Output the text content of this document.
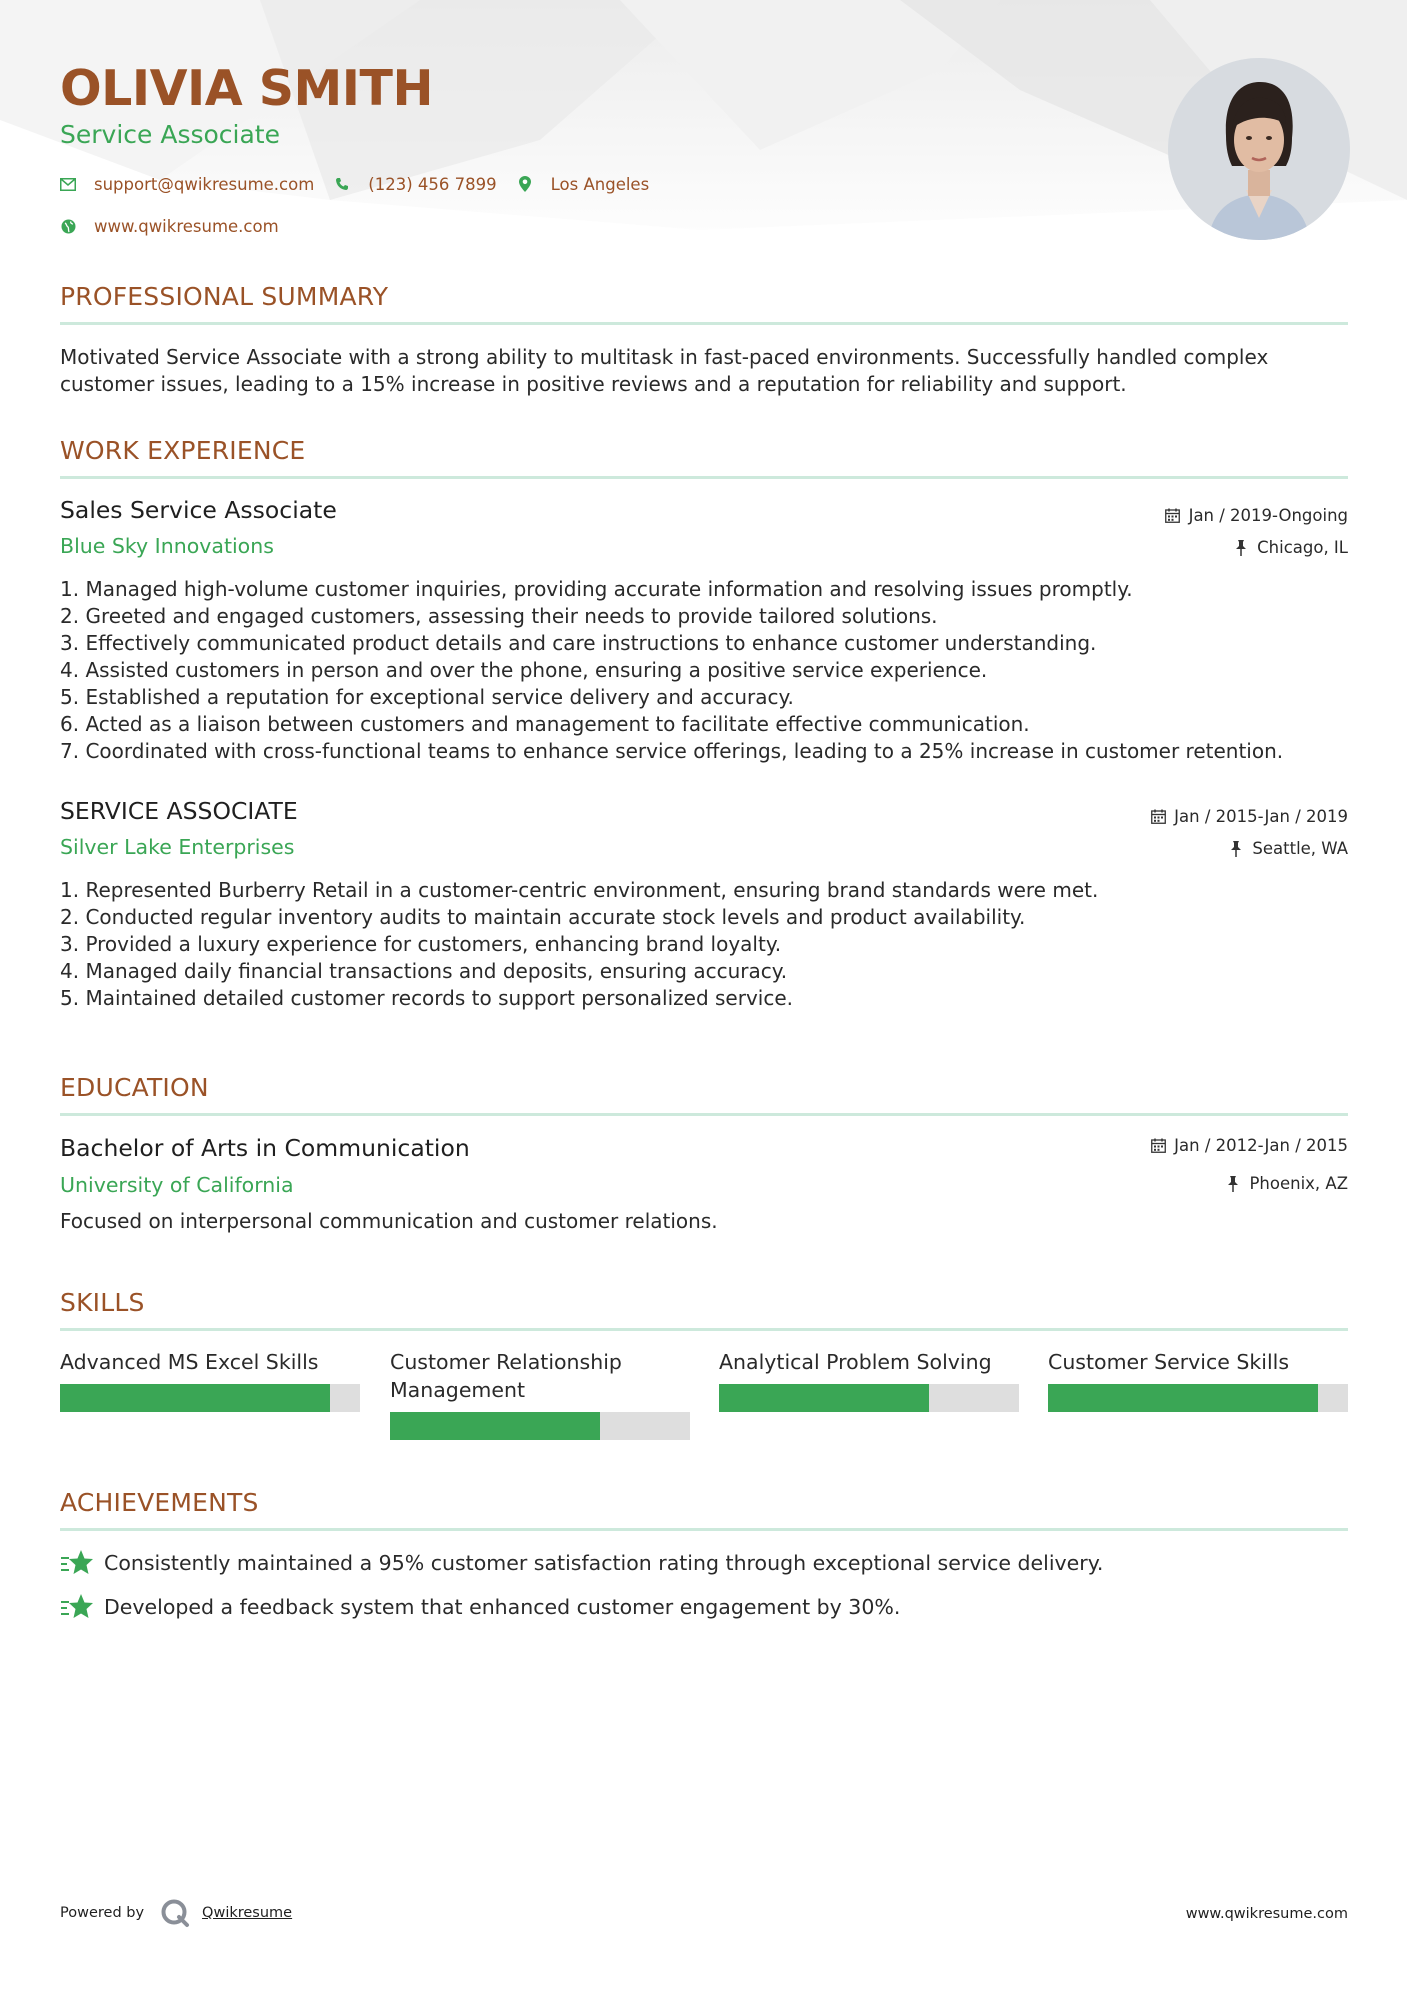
OLIVIA SMITH
Service Associate
support@qwikresume.com	(123) 456 7899	Los Angeles
www.qwikresume.com
PROFESSIONAL SUMMARY
Motivated Service Associate with a strong ability to multitask in fast-paced environments. Successfully handled complex customer issues, leading to a 15% increase in positive reviews and a reputation for reliability and support.
WORK EXPERIENCE
Sales Service Associate	Jan / 2019-Ongoing
Blue Sky Innovations	Chicago, IL
1. Managed high-volume customer inquiries, providing accurate information and resolving issues promptly.
2. Greeted and engaged customers, assessing their needs to provide tailored solutions.
3. Effectively communicated product details and care instructions to enhance customer understanding.
4. Assisted customers in person and over the phone, ensuring a positive service experience.
5. Established a reputation for exceptional service delivery and accuracy.
6. Acted as a liaison between customers and management to facilitate effective communication.
7. Coordinated with cross-functional teams to enhance service offerings, leading to a 25% increase in customer retention.
SERVICE ASSOCIATE	Jan / 2015-Jan / 2019
Silver Lake Enterprises	Seattle, WA
1. Represented Burberry Retail in a customer-centric environment, ensuring brand standards were met.
2. Conducted regular inventory audits to maintain accurate stock levels and product availability.
3. Provided a luxury experience for customers, enhancing brand loyalty.
4. Managed daily financial transactions and deposits, ensuring accuracy.
5. Maintained detailed customer records to support personalized service.
EDUCATION
Bachelor of Arts in Communication	Jan / 2012-Jan / 2015
University of California	Phoenix, AZ
Focused on interpersonal communication and customer relations.
SKILLS
Advanced MS Excel Skills	Customer Relationship Management
Analytical Problem Solving	Customer Service Skills
ACHIEVEMENTS
Consistently maintained a 95% customer satisfaction rating through exceptional service delivery.
Developed a feedback system that enhanced customer engagement by 30%.
Powered by	Qwikresume	www.qwikresume.com
